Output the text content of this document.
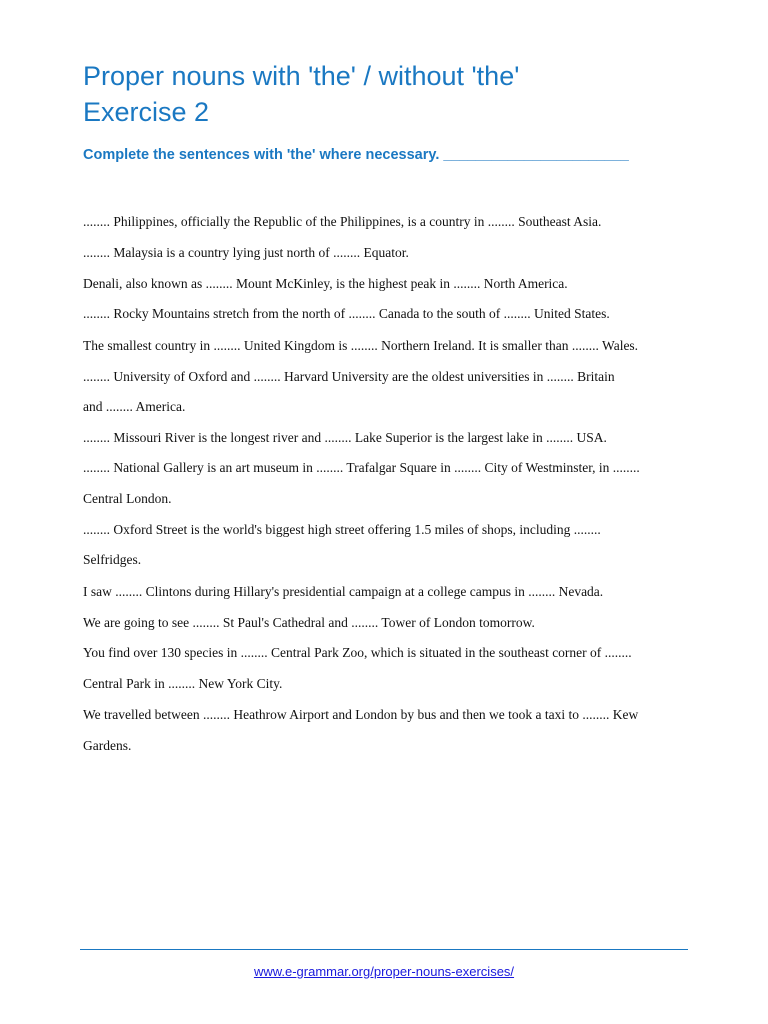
Proper nouns with 'the' / without 'the'
Exercise 2

Complete the sentences with 'the' where necessary. _______________________

........ Philippines, officially the Republic of the Philippines, is a country in ........ Southeast Asia.

........ Malaysia is a country lying just north of ........ Equator.

Denali, also known as ........ Mount McKinley, is the highest peak in ........ North America.

........ Rocky Mountains stretch from the north of ........ Canada to the south of ........ United States.

The smallest country in ........ United Kingdom is ........ Northern Ireland. It is smaller than ........ Wales.

........ University of Oxford and ........ Harvard University are the oldest universities in ........ Britain

and ........ America.

........ Missouri River is the longest river and ........ Lake Superior is the largest lake in ........ USA.

........ National Gallery is an art museum in ........ Trafalgar Square in ........ City of Westminster, in ........

Central London.

........ Oxford Street is the world's biggest high street offering 1.5 miles of shops, including ........

Selfridges.

I saw ........ Clintons during Hillary's presidential campaign at a college campus in ........ Nevada.

We are going to see ........ St Paul's Cathedral and ........ Tower of London tomorrow.

You find over 130 species in ........ Central Park Zoo, which is situated in the southeast corner of ........

Central Park in ........ New York City.

We travelled between ........ Heathrow Airport and London by bus and then we took a taxi to ........ Kew

Gardens.

www.e-grammar.org/proper-nouns-exercises/
